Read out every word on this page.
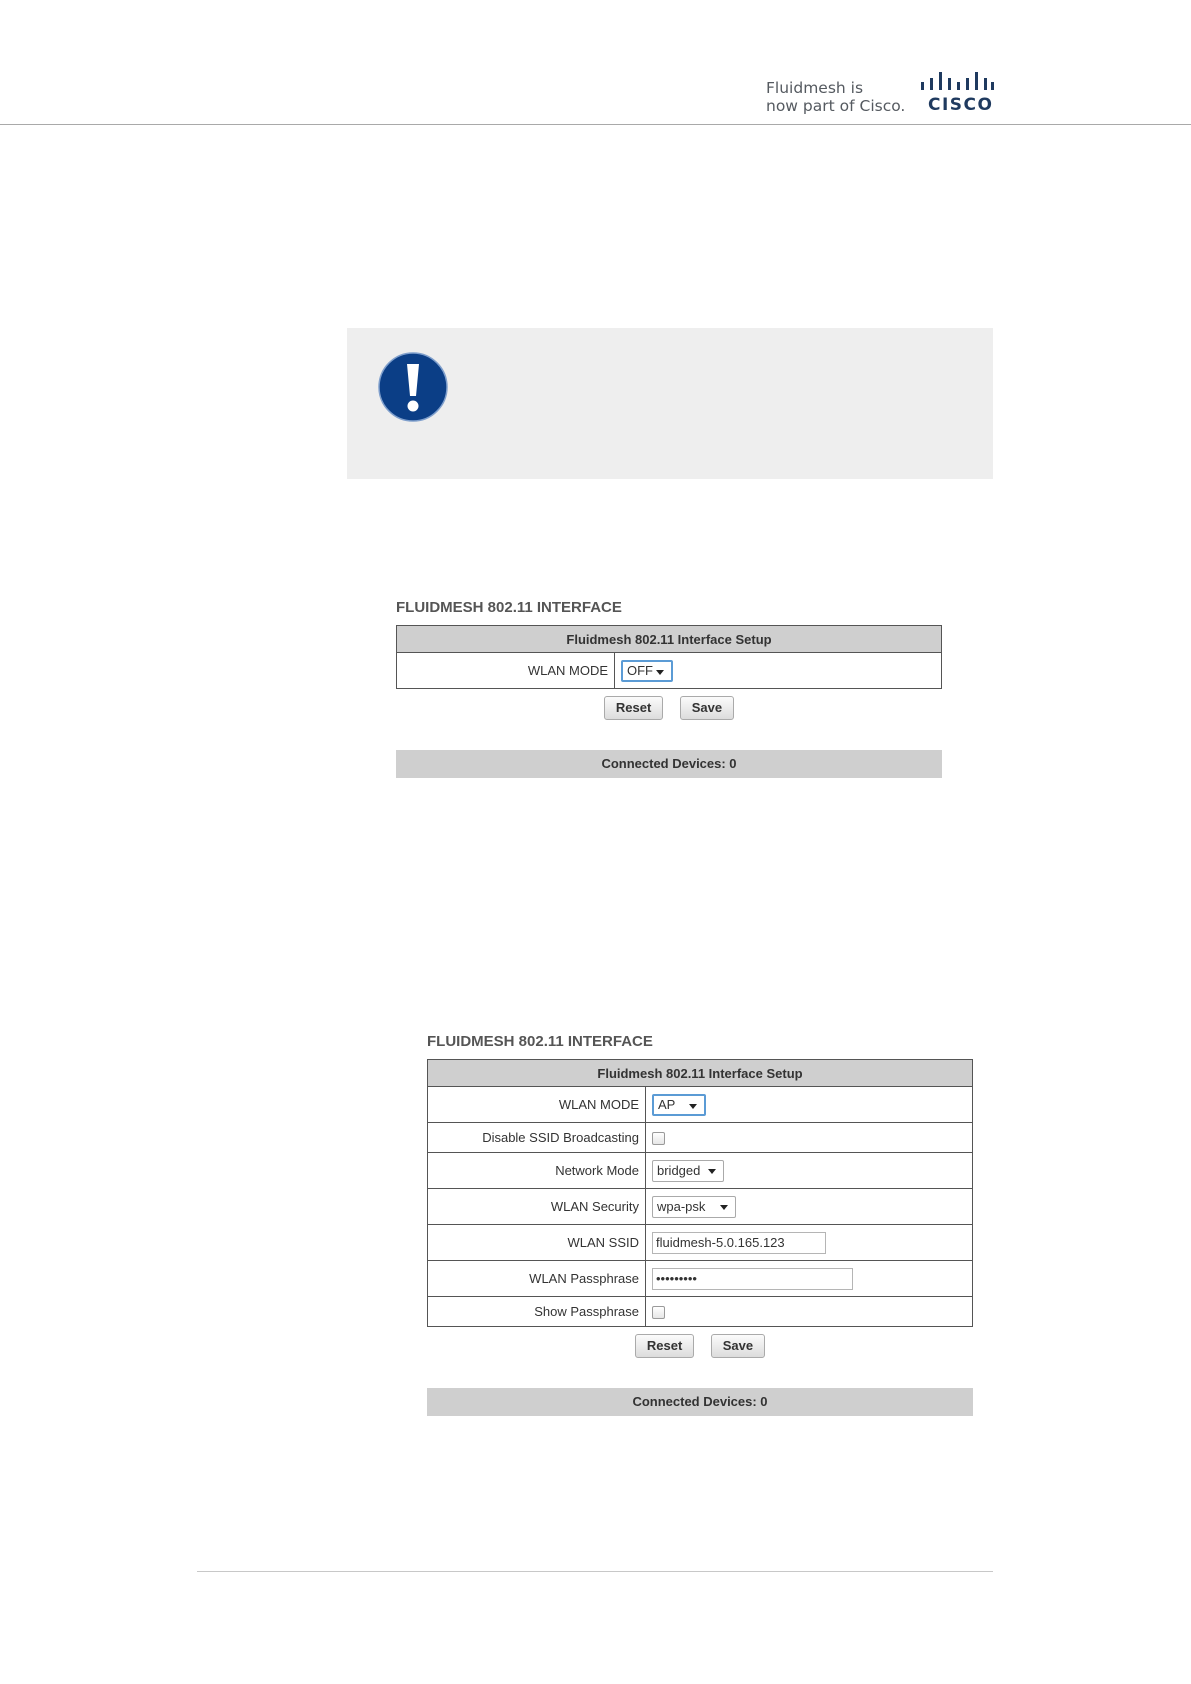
Fluidmesh is
now part of Cisco. CISCO
FLUIDMESH 802.11 INTERFACE
Fluidmesh 802.11 Interface Setup
WLAN MODE	OFF
Reset	Save
Connected Devices: 0
FLUIDMESH 802.11 INTERFACE
Fluidmesh 802.11 Interface Setup	
WLAN MODE	AP

Disable SSID Broadcasting	
Network Mode	bridged

WLAN Security	wpa-psk

WLAN SSID	fluidmesh-5.0.165.123
WLAN Passphrase	•••••••••
Show Passphrase	
Reset	Save
Connected Devices: 0
